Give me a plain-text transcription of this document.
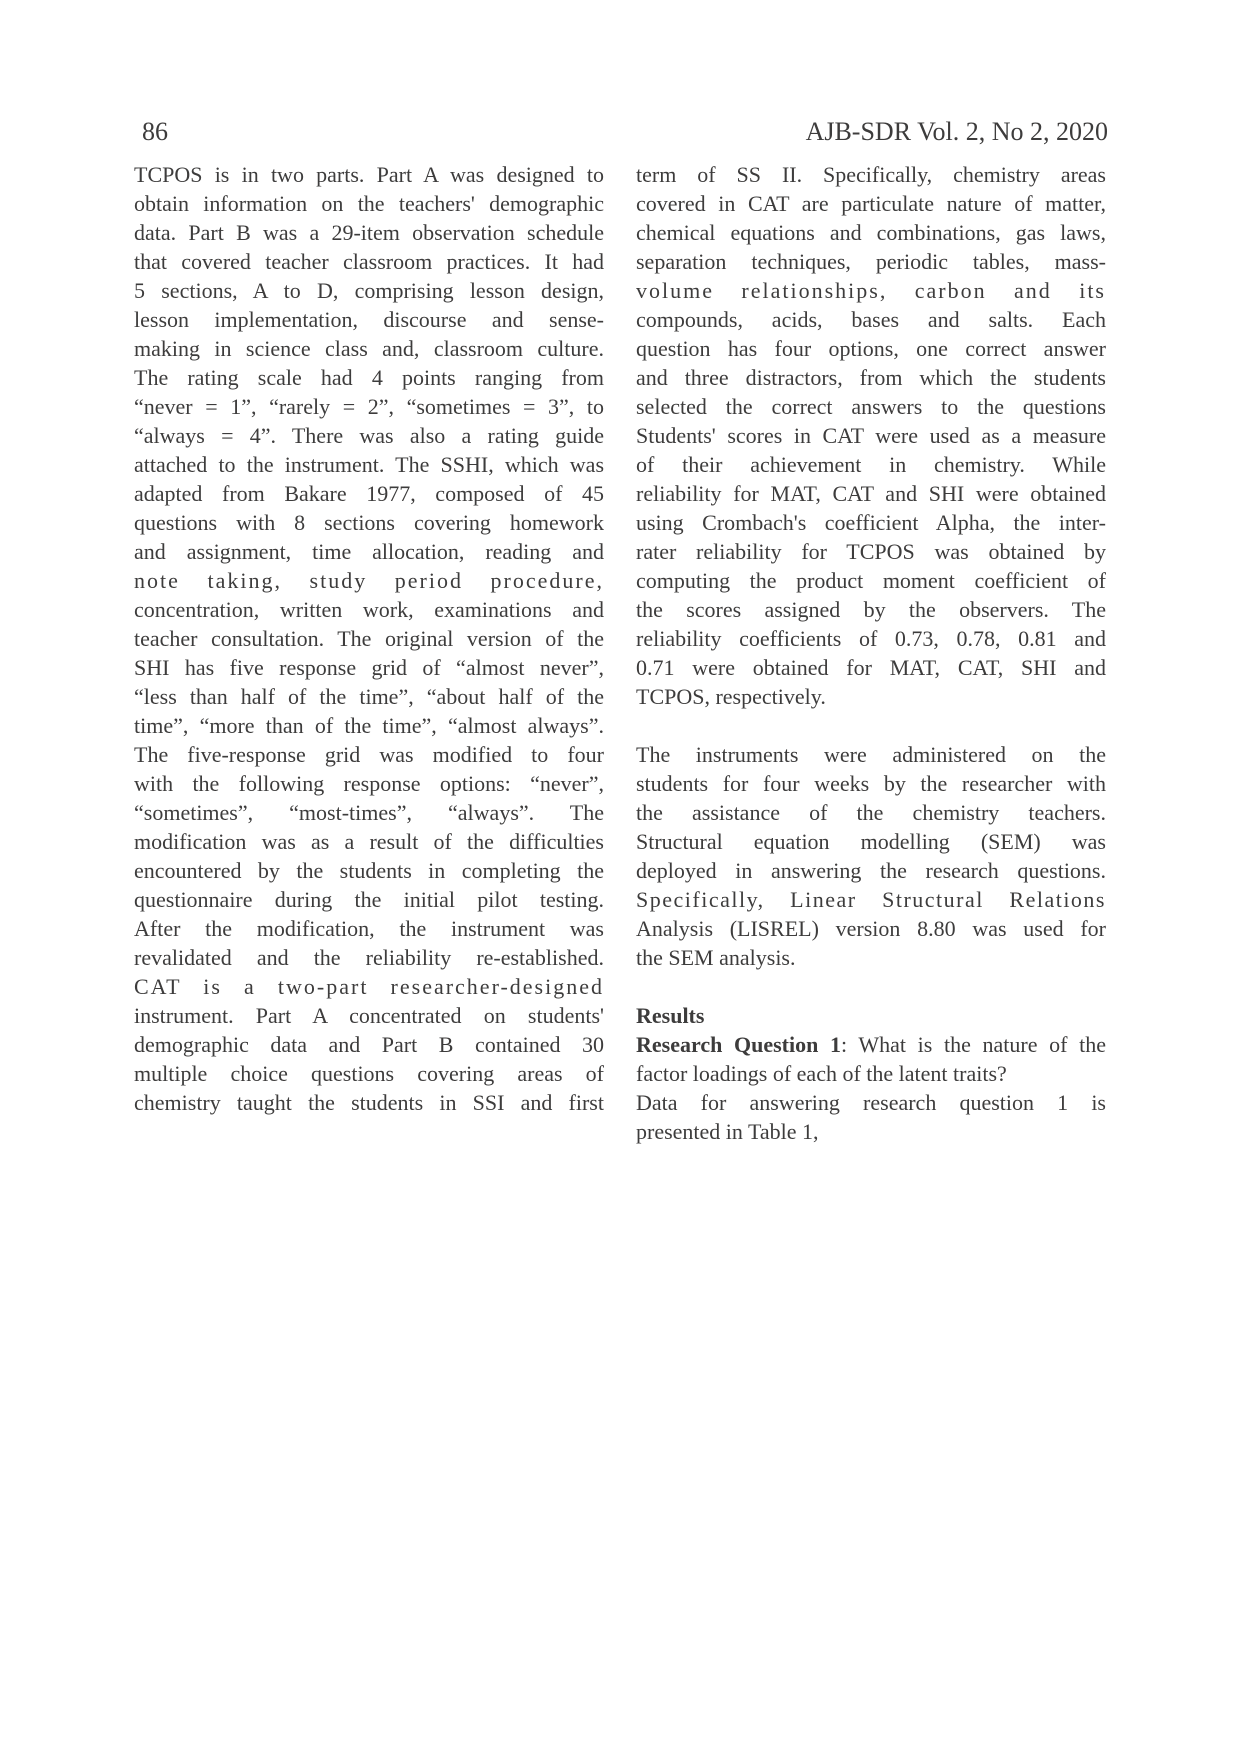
86	AJB-SDR Vol. 2, No 2, 2020
TCPOS is in two parts. Part A was designed to
obtain information on the teachers' demographic
data. Part B was a 29-item observation schedule
that covered teacher classroom practices. It had
5 sections, A to D, comprising lesson design,
lesson implementation, discourse and sense-
making in science class and, classroom culture.
The rating scale had 4 points ranging from
“never = 1”, “rarely = 2”, “sometimes = 3”, to
“always = 4”. There was also a rating guide
attached to the instrument. The SSHI, which was
adapted from Bakare 1977, composed of 45
questions with 8 sections covering homework
and assignment, time allocation, reading and
note taking, study period procedure,
concentration, written work, examinations and
teacher consultation. The original version of the
SHI has five response grid of “almost never”,
“less than half of the time”, “about half of the
time”, “more than of the time”, “almost always”.
The five-response grid was modified to four
with the following response options: “never”,
“sometimes”, “most-times”, “always”. The
modification was as a result of the difficulties
encountered by the students in completing the
questionnaire during the initial pilot testing.
After the modification, the instrument was
revalidated and the reliability re-established.
CAT is a two-part researcher-designed
instrument. Part A concentrated on students'
demographic data and Part B contained 30
multiple choice questions covering areas of
chemistry taught the students in SSI and first
term of SS II. Specifically, chemistry areas
covered in CAT are particulate nature of matter,
chemical equations and combinations, gas laws,
separation techniques, periodic tables, mass-
volume relationships, carbon and its
compounds, acids, bases and salts. Each
question has four options, one correct answer
and three distractors, from which the students
selected the correct answers to the questions
Students' scores in CAT were used as a measure
of their achievement in chemistry. While
reliability for MAT, CAT and SHI were obtained
using Crombach's coefficient Alpha, the inter-
rater reliability for TCPOS was obtained by
computing the product moment coefficient of
the scores assigned by the observers. The
reliability coefficients of 0.73, 0.78, 0.81 and
0.71 were obtained for MAT, CAT, SHI and
TCPOS, respectively.
The instruments were administered on the
students for four weeks by the researcher with
the assistance of the chemistry teachers.
Structural equation modelling (SEM) was
deployed in answering the research questions.
Specifically, Linear Structural Relations
Analysis (LISREL) version 8.80 was used for
the SEM analysis.
Results
Research Question 1: What is the nature of the
factor loadings of each of the latent traits?
Data for answering research question 1 is
presented in Table 1,
